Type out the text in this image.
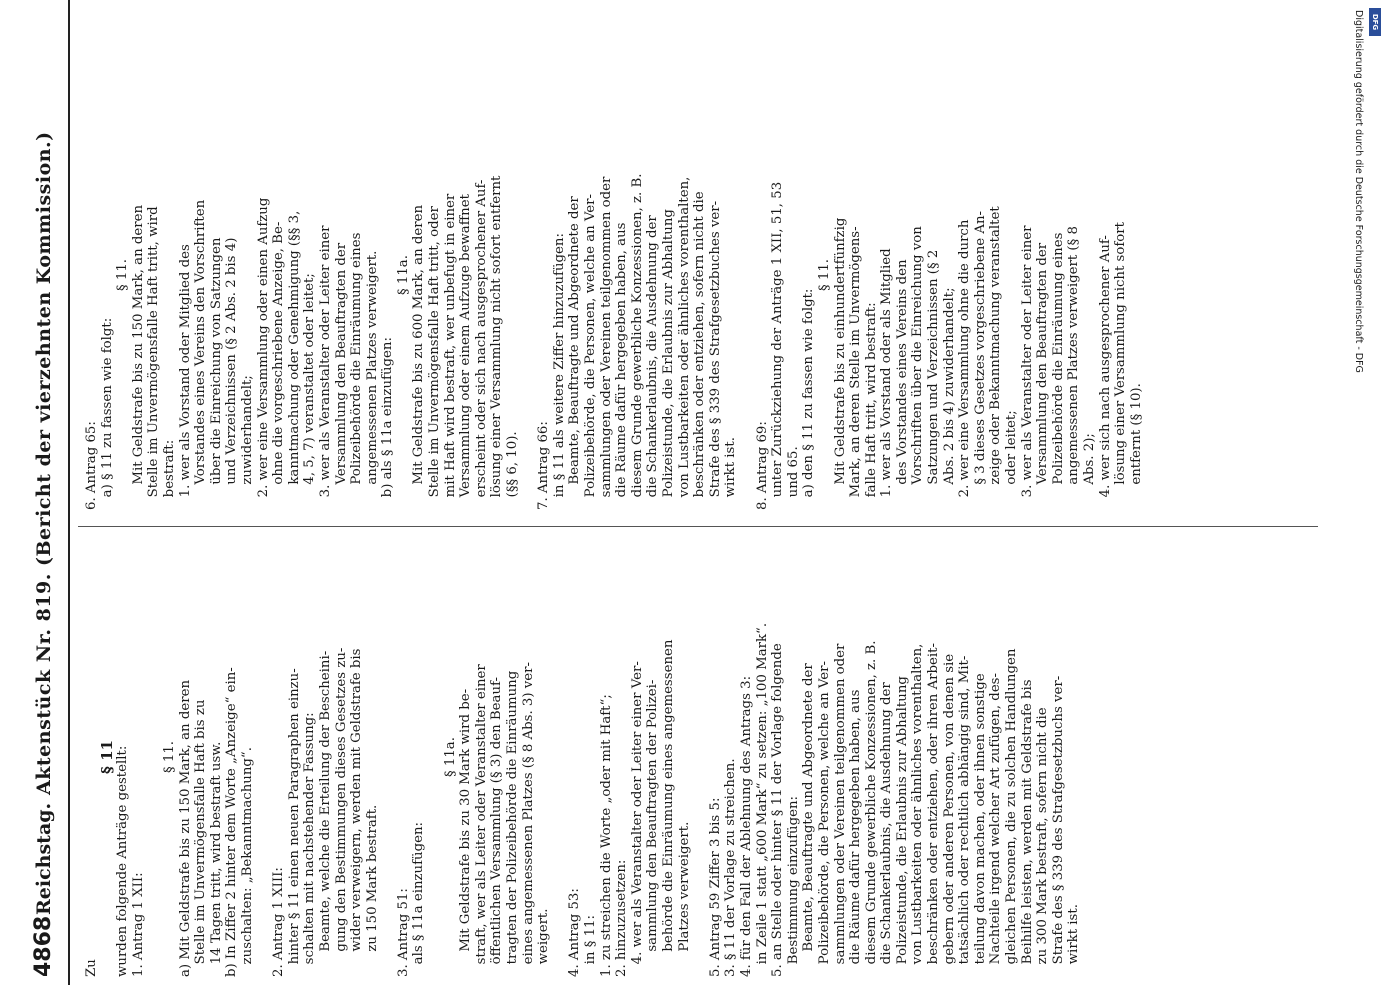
4868
Reichstag.
Aktenstück Nr. 819. (Bericht der vierzehnten Kommission.)
Zu
§ 11 wurden folgende Anträge gestellt: 1. Antrag 1 XII:
§ 11. a) Mit Geldstrafe bis zu 150 Mark, an deren Stelle im Unvermögensfalle Haft bis zu 14 Tagen tritt, wird bestraft usw. b) In Ziffer 2 hinter dem Worte „Anzeige“ ein- zuschalten: „Bekanntmachung“. 2. Antrag 1 XIII: hinter § 11 einen neuen Paragraphen einzu- schalten mit nachstehender Fassung: Beamte, welche die Erteilung der Bescheini- gung den Bestimmungen dieses Gesetzes zu- wider verweigern, werden mit Geldstrafe bis zu 150 Mark bestraft. 3. Antrag 51: als § 11a einzufügen:
§ 11a. Mit Geldstrafe bis zu 30 Mark wird be- straft, wer als Leiter oder Veranstalter einer öffentlichen Versammlung (§ 3) den Beauf- tragten der Polizeibehörde die Einräumung eines angemessenen Platzes (§ 8 Abs. 3) ver- weigert. 4. Antrag 53: in § 11: 1. zu streichen die Worte „oder mit Haft“; 2. hinzuzusetzen: 4. wer als Veranstalter oder Leiter einer Ver- sammlung den Beauftragten der Polizei- behörde die Einräumung eines angemessenen Platzes verweigert. 5. Antrag 59 Ziffer 3 bis 5: 3. § 11 der Vorlage zu streichen. 4. für den Fall der Ablehnung des Antrags 3: in Zeile 1 statt „600 Mark“ zu setzen: „100 Mark“. 5. an Stelle oder hinter § 11 der Vorlage folgende Bestimmung einzufügen: Beamte, Beauftragte und Abgeordnete der Polizeibehörde, die Personen, welche an Ver- sammlungen oder Vereinen teilgenommen oder die Räume dafür hergegeben haben, aus diesem Grunde gewerbliche Konzessionen, z. B. die Schankerlaubnis, die Ausdehnung der Polizeistunde, die Erlaubnis zur Abhaltung von Lustbarkeiten oder ähnliches vorenthalten, beschränken oder entziehen, oder ihren Arbeit- gebern oder anderen Personen, von denen sie tatsächlich oder rechtlich abhängig sind, Mit- teilung davon machen, oder ihnen sonstige Nachteile irgend welcher Art zufügen, des- gleichen Personen, die zu solchen Handlungen Beihilfe leisten, werden mit Geldstrafe bis zu 300 Mark bestraft, sofern nicht die Strafe des § 339 des Strafgesetzbuchs ver- wirkt ist.
6. Antrag 65: a) § 11 zu fassen wie folgt:
§ 11. Mit Geldstrafe bis zu 150 Mark, an deren Stelle im Unvermögensfalle Haft tritt, wird bestraft: 1. wer als Vorstand oder Mitglied des Vorstandes eines Vereins den Vorschriften über die Einreichung von Satzungen und Verzeichnissen (§ 2 Abs. 2 bis 4) zuwiderhandelt; 2. wer eine Versammlung oder einen Aufzug ohne die vorgeschriebene Anzeige, Be- kanntmachung oder Genehmigung (§§ 3, 4, 5, 7) veranstaltet oder leitet; 3. wer als Veranstalter oder Leiter einer Versammlung den Beauftragten der Polizeibehörde die Einräumung eines angemessenen Platzes verweigert. b) als § 11a einzufügen:
§ 11a. Mit Geldstrafe bis zu 600 Mark, an deren Stelle im Unvermögensfalle Haft tritt, oder mit Haft wird bestraft, wer unbefugt in einer Versammlung oder einem Aufzuge bewaffnet erscheint oder sich nach ausgesprochener Auf- lösung einer Versammlung nicht sofort entfernt (§§ 6, 10). 7. Antrag 66: in § 11 als weitere Ziffer hinzuzufügen: Beamte, Beauftragte und Abgeordnete der Polizeibehörde, die Personen, welche an Ver- sammlungen oder Vereinen teilgenommen oder die Räume dafür hergegeben haben, aus diesem Grunde gewerbliche Konzessionen, z. B. die Schankerlaubnis, die Ausdehnung der Polizeistunde, die Erlaubnis zur Abhaltung von Lustbarkeiten oder ähnliches vorenthalten, beschränken oder entziehen, sofern nicht die Strafe des § 339 des Strafgesetzbuches ver- wirkt ist. 8. Antrag 69: unter Zurückziehung der Anträge 1 XII, 51, 53 und 65. a) den § 11 zu fassen wie folgt:
§ 11. Mit Geldstrafe bis zu einhundertfünfzig Mark, an deren Stelle im Unvermögens- falle Haft tritt, wird bestraft: 1. wer als Vorstand oder als Mitglied des Vorstandes eines Vereins den Vorschriften über die Einreichung von Satzungen und Verzeichnissen (§ 2 Abs. 2 bis 4) zuwiderhandelt; 2. wer eine Versammlung ohne die durch § 3 dieses Gesetzes vorgeschriebene An- zeige oder Bekanntmachung veranstaltet oder leitet; 3. wer als Veranstalter oder Leiter einer Versammlung den Beauftragten der Polizeibehörde die Einräumung eines angemessenen Platzes verweigert (§ 8 Abs. 2); 4. wer sich nach ausgesprochener Auf- lösung einer Versammlung nicht sofort entfernt (§ 10).
Digitalisierung gefördert durch die Deutsche Forschungsgemeinschaft - DFG	DFG
